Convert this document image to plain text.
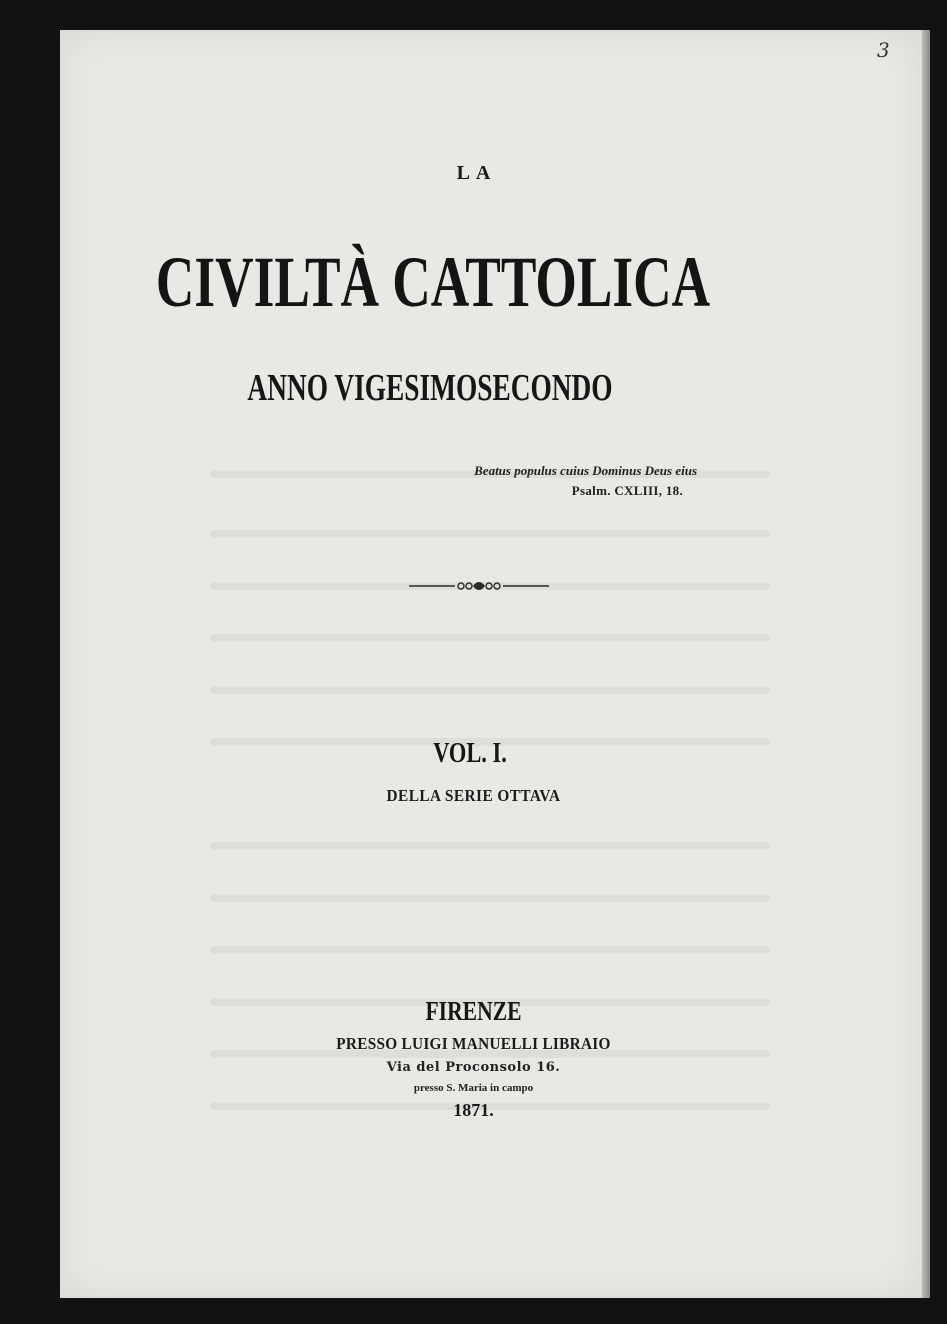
3

LA

CIVILTÀ CATTOLICA

ANNO VIGESIMOSECONDO

Beatus populus cuius Dominus Deus eius

Psalm. CXLIII, 18.

VOL. I.

DELLA SERIE OTTAVA

FIRENZE

PRESSO LUIGI MANUELLI LIBRAIO

Via del Proconsolo 16.

presso S. Maria in campo

1871.
